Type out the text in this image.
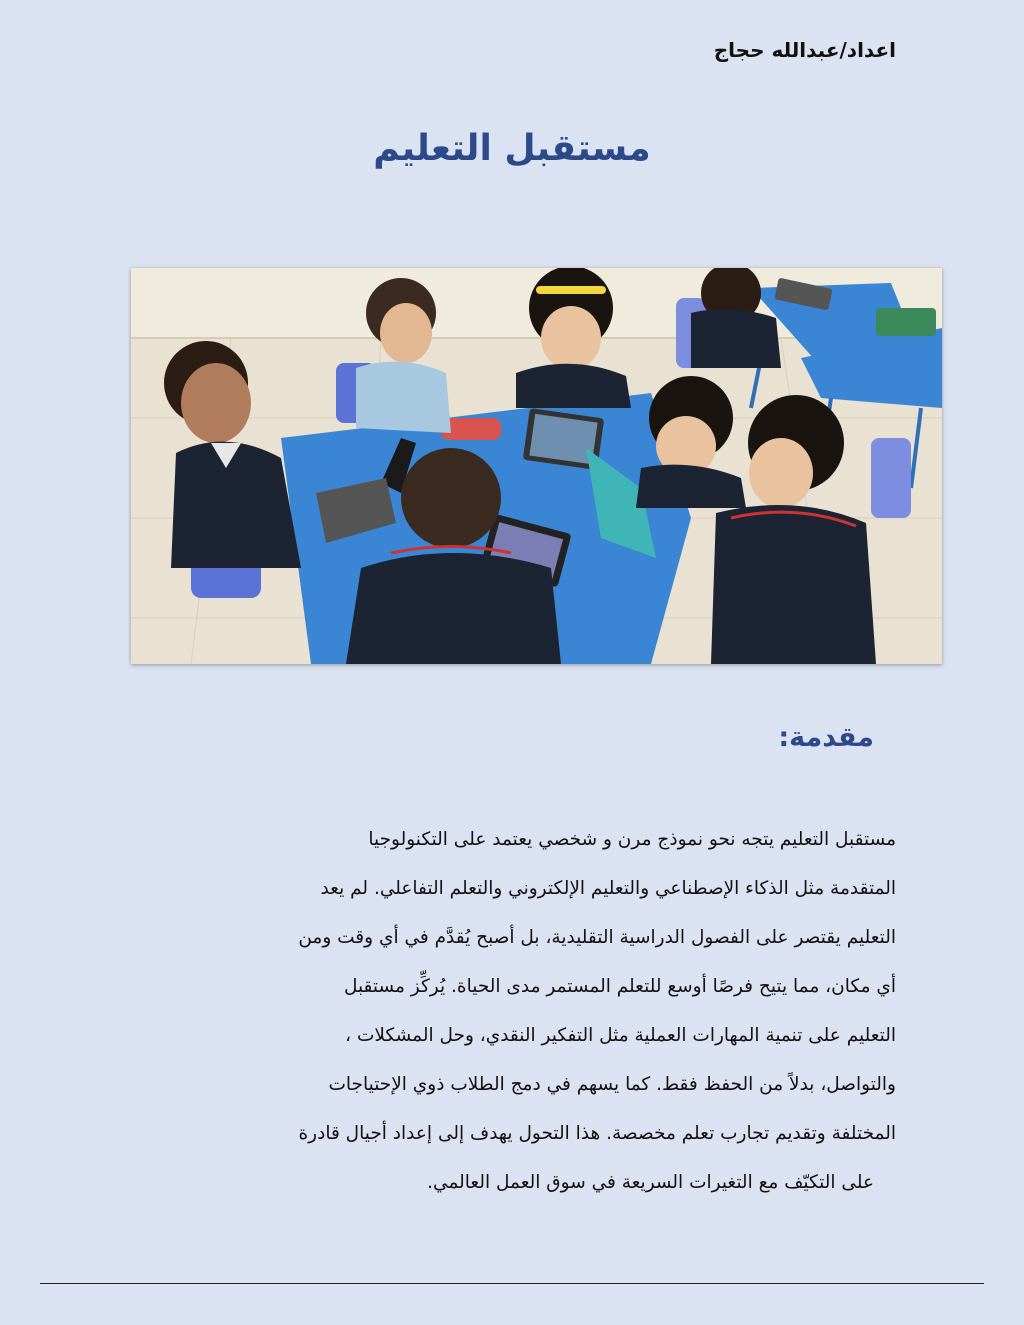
اعداد/عبدالله حجاج
مستقبل التعليم
مقدمة:
مستقبل التعليم يتجه نحو نموذج مرن و شخصي يعتمد على التكنولوجيا
المتقدمة مثل الذكاء الإصطناعي والتعليم الإلكتروني والتعلم التفاعلي. لم يعد
التعليم يقتصر على الفصول الدراسية التقليدية، بل أصبح يُقدَّم في أي وقت ومن
أي مكان، مما يتيح فرصًا أوسع للتعلم المستمر مدى الحياة. يُركِّز مستقبل
التعليم على تنمية المهارات العملية مثل التفكير النقدي، وحل المشكلات ،
والتواصل، بدلاً من الحفظ فقط. كما يسهم في دمج الطلاب ذوي الإحتياجات
المختلفة وتقديم تجارب تعلم مخصصة. هذا التحول يهدف إلى إعداد أجيال قادرة
على التكيّف مع التغيرات السريعة في سوق العمل العالمي.
